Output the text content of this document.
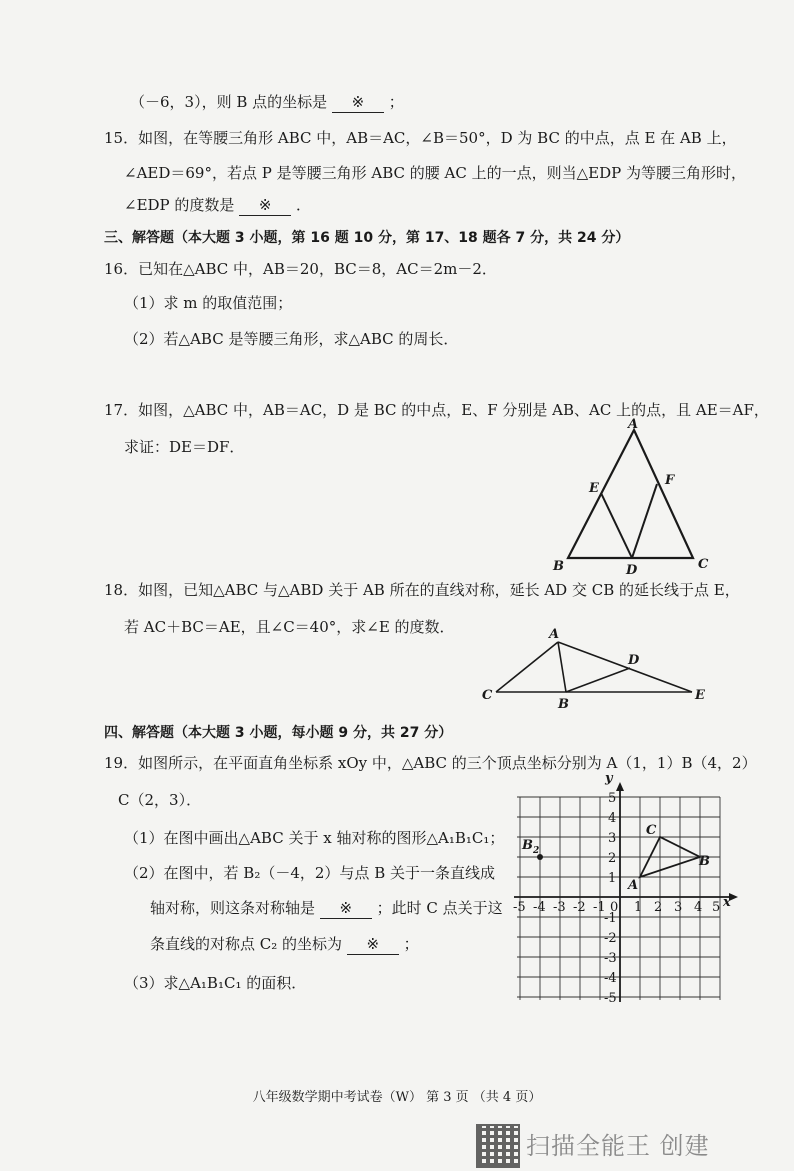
（－6，3），则 B 点的坐标是 ※ ；
15．如图，在等腰三角形 ABC 中，AB＝AC，∠B＝50°，D 为 BC 的中点，点 E 在 AB 上，
∠AED＝69°，若点 P 是等腰三角形 ABC 的腰 AC 上的一点，则当△EDP 为等腰三角形时，
∠EDP 的度数是 ※ ．
三、解答题（本大题 3 小题，第 16 题 10 分，第 17、18 题各 7 分，共 24 分）
16．已知在△ABC 中，AB＝20，BC＝8，AC＝2m－2．
（1）求 m 的取值范围；
（2）若△ABC 是等腰三角形，求△ABC 的周长．
17．如图，△ABC 中，AB＝AC，D 是 BC 的中点，E、F 分别是 AB、AC 上的点，且 AE＝AF，
求证：DE＝DF．
A
E
F
B	D	C
18．如图，已知△ABC 与△ABD 关于 AB 所在的直线对称，延长 AD 交 CB 的延长线于点 E，
若 AC＋BC＝AE，且∠C＝40°，求∠E 的度数．	A
D
C
B
E
四、解答题（本大题 3 小题，每小题 9 分，共 27 分）
19．如图所示，在平面直角坐标系 xOy 中，△ABC 的三个顶点坐标分别为 A（1，1）B（4，2）
C（2，3）．
（1）在图中画出△ABC 关于 x 轴对称的图形△A₁B₁C₁；
（2）在图中，若 B₂（－4，2）与点 B 关于一条直线成
轴对称，则这条对称轴是 ※ ；此时 C 点关于这
条直线的对称点 C₂ 的坐标为 ※ ；
（3）求△A₁B₁C₁ 的面积．
x
y
-5 -4 -3 -2 -1 0 1 2 3 4 5
5
4
3
2
1
-1
-2
-3
-4
-5
A
B
C
$B_2$
八年级数学期中考试卷（W） 第 3 页 （共 4 页）
扫描全能王 创建
